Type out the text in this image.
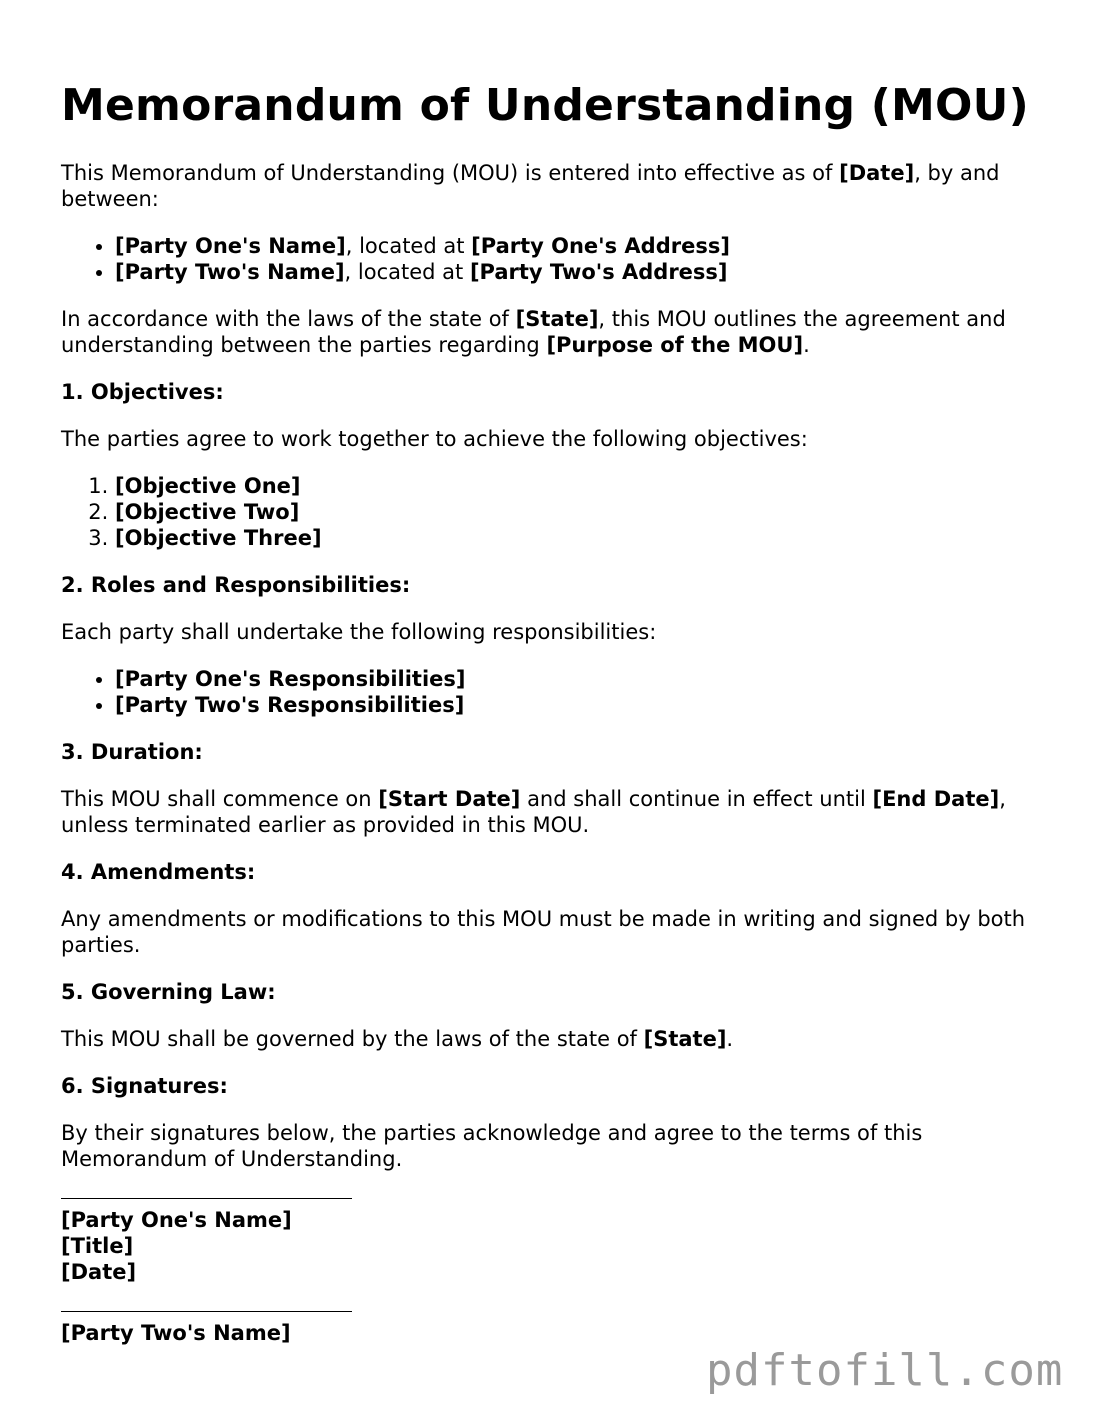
Memorandum of Understanding (MOU)

This Memorandum of Understanding (MOU) is entered into effective as of [Date], by and between:

• [Party One's Name], located at [Party One's Address]
• [Party Two's Name], located at [Party Two's Address]

In accordance with the laws of the state of [State], this MOU outlines the agreement and understanding between the parties regarding [Purpose of the MOU].

1. Objectives:

The parties agree to work together to achieve the following objectives:

1. [Objective One]
2. [Objective Two]
3. [Objective Three]
2. Roles and Responsibilities:

Each party shall undertake the following responsibilities:

• [Party One's Responsibilities]
• [Party Two's Responsibilities]
3. Duration:

This MOU shall commence on [Start Date] and shall continue in effect until [End Date], unless terminated earlier as provided in this MOU.

4. Amendments:

Any amendments or modifications to this MOU must be made in writing and signed by both parties.

5. Governing Law:

This MOU shall be governed by the laws of the state of [State].

6. Signatures:

By their signatures below, the parties acknowledge and agree to the terms of this Memorandum of Understanding.

[Party One's Name]
[Title]
[Date]
[Party Two's Name]
pdftofill.com
